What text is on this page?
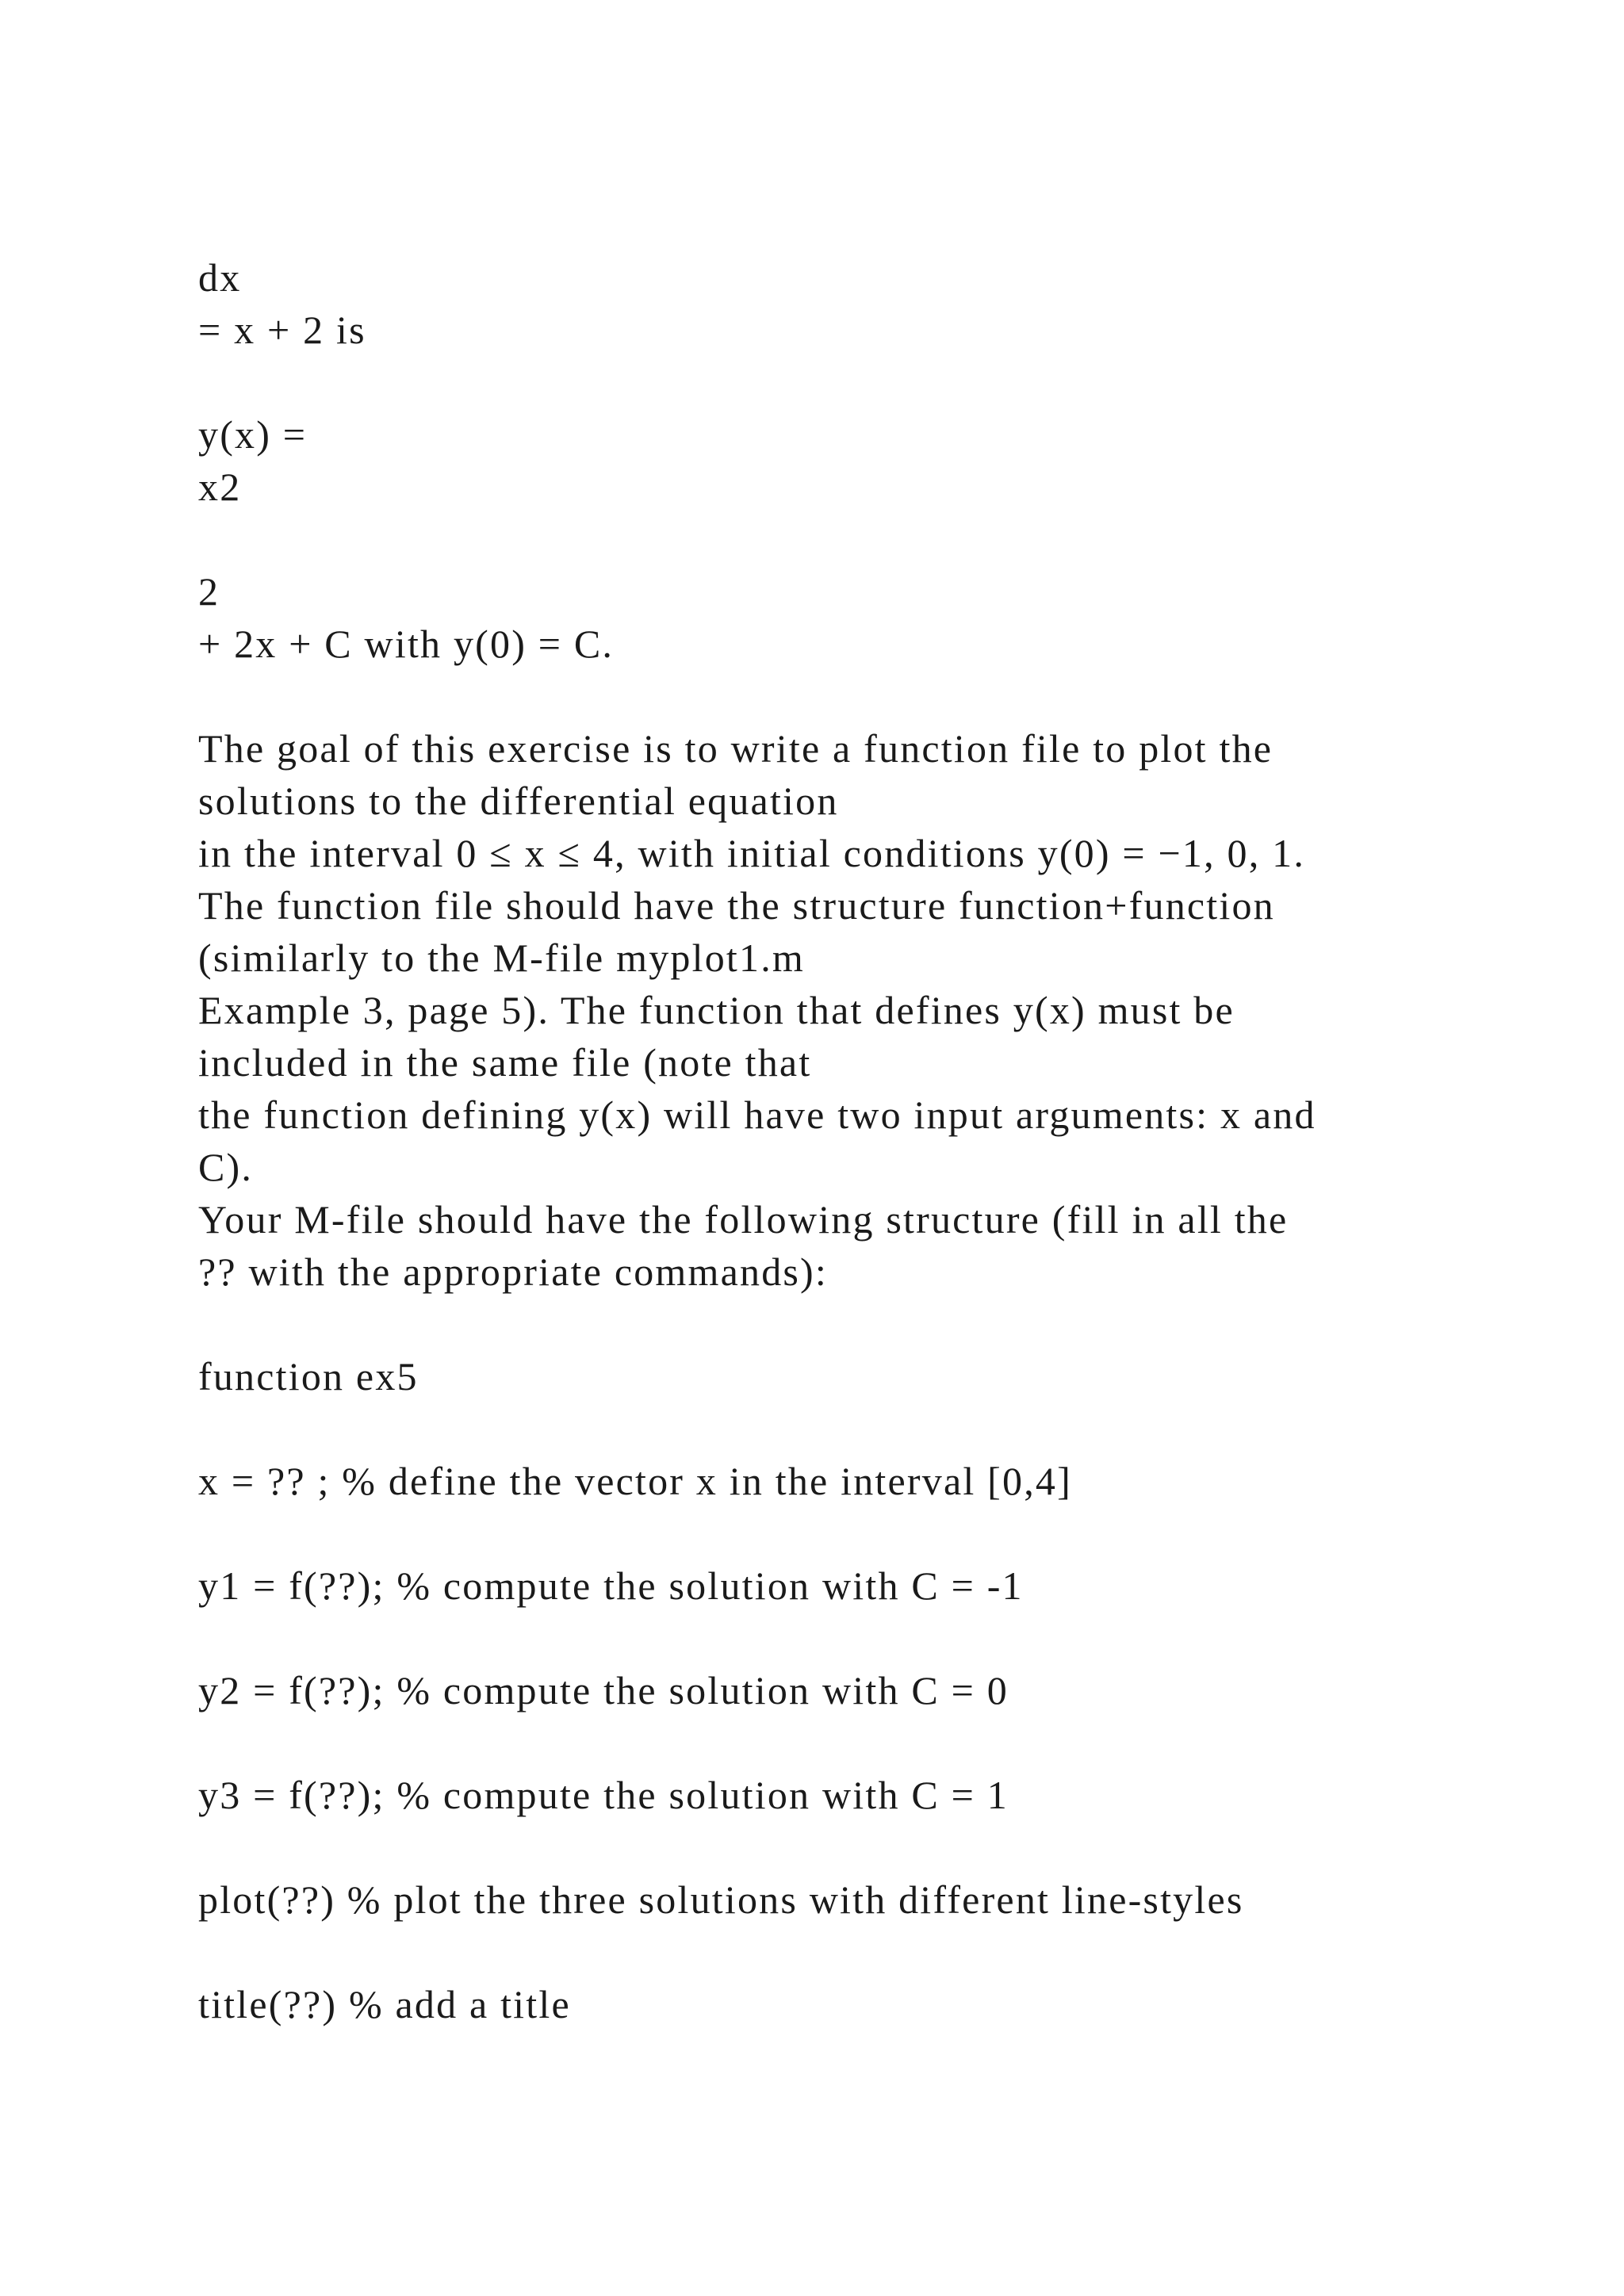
dx
= x + 2 is
y(x) =
x2
2
+ 2x + C with y(0) = C.
The goal of this exercise is to write a function file to plot the
solutions to the differential equation
in the interval 0 ≤ x ≤ 4, with initial conditions y(0) = −1, 0, 1.
The function file should have the structure function+function
(similarly to the M-file myplot1.m
Example 3, page 5). The function that defines y(x) must be
included in the same file (note that
the function defining y(x) will have two input arguments: x and
C).
Your M-file should have the following structure (fill in all the
?? with the appropriate commands):
function ex5
x = ?? ; % define the vector x in the interval [0,4]
y1 = f(??); % compute the solution with C = -1
y2 = f(??); % compute the solution with C = 0
y3 = f(??); % compute the solution with C = 1
plot(??) % plot the three solutions with different line-styles
title(??) % add a title
